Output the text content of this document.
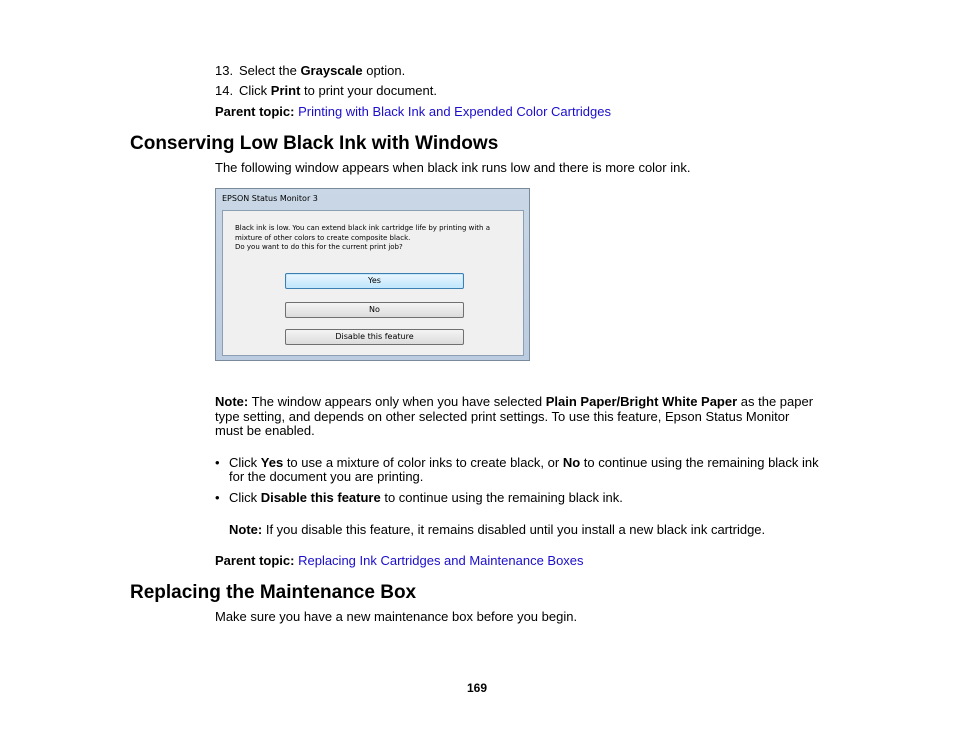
13. Select the Grayscale option.
14. Click Print to print your document.
Parent topic: Printing with Black Ink and Expended Color Cartridges
Conserving Low Black Ink with Windows
The following window appears when black ink runs low and there is more color ink.
EPSON Status Monitor 3
Black ink is low. You can extend black ink cartridge life by printing with a
mixture of other colors to create composite black.
Do you want to do this for the current print job?
Yes
No
Disable this feature
Note: The window appears only when you have selected Plain Paper/Bright White Paper as the paper
type setting, and depends on other selected print settings. To use this feature, Epson Status Monitor
must be enabled.
• Click Yes to use a mixture of color inks to create black, or No to continue using the remaining black ink
for the document you are printing.
• Click Disable this feature to continue using the remaining black ink.
Note: If you disable this feature, it remains disabled until you install a new black ink cartridge.
Parent topic: Replacing Ink Cartridges and Maintenance Boxes
Replacing the Maintenance Box
Make sure you have a new maintenance box before you begin.
169
